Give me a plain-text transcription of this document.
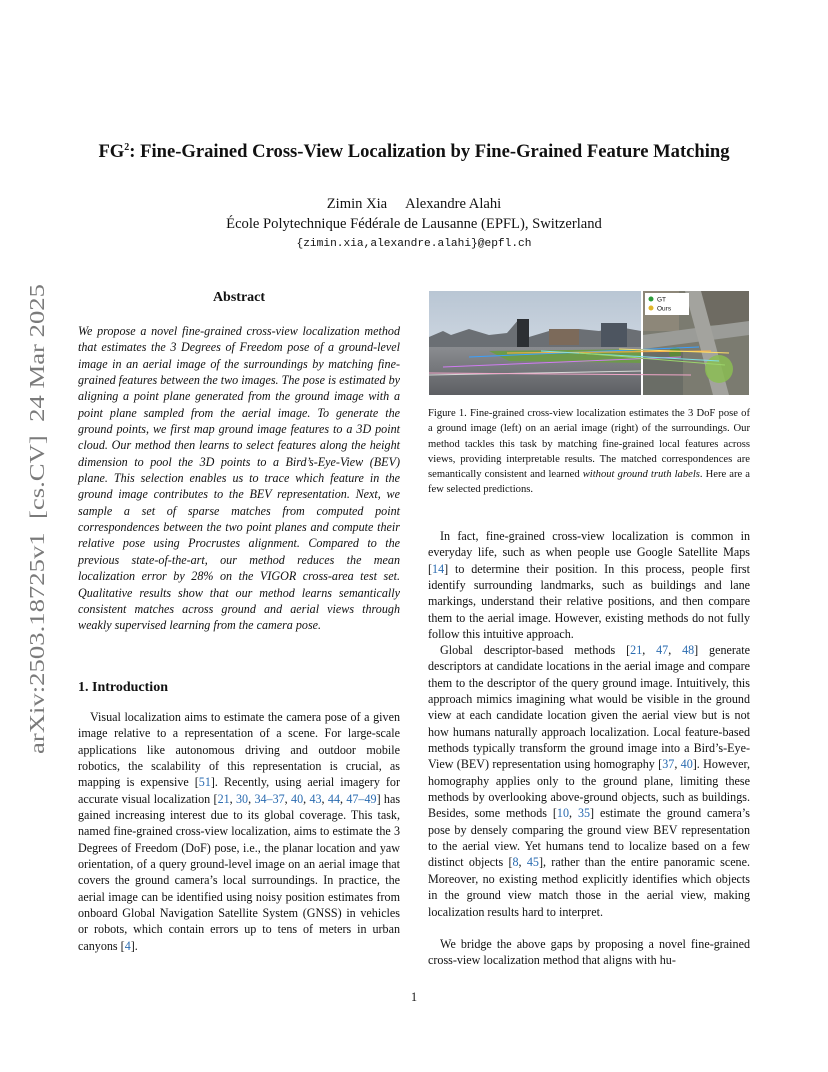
arXiv:2503.18725v1  [cs.CV]  24 Mar 2025
$FG^2$: Fine-Grained Cross-View Localization by Fine-Grained Feature Matching
Zimin Xia Alexandre Alahi
École Polytechnique Fédérale de Lausanne (EPFL), Switzerland
{zimin.xia,alexandre.alahi}@epfl.ch
Abstract
We propose a novel fine-grained cross-view localization method that estimates the 3 Degrees of Freedom pose of a ground-level image in an aerial image of the surroundings by matching fine-grained features between the two images. The pose is estimated by aligning a point plane generated from the ground image with a point plane sampled from the aerial image. To generate the ground points, we first map ground image features to a 3D point cloud. Our method then learns to select features along the height dimension to pool the 3D points to a Bird’s-Eye-View (BEV) plane. This selection enables us to trace which feature in the ground image contributes to the BEV representation. Next, we sample a set of sparse matches from computed point correspondences between the two point planes and compute their relative pose using Procrustes alignment. Compared to the previous state-of-the-art, our method reduces the mean localization error by 28% on the VIGOR cross-area test set. Qualitative results show that our method learns semantically consistent matches across ground and aerial views through weakly supervised learning from the camera pose.
1. Introduction
Visual localization aims to estimate the camera pose of a given image relative to a representation of a scene. For large-scale applications like autonomous driving and outdoor mobile robotics, the scalability of this representation is crucial, as mapping is expensive [51]. Recently, using aerial imagery for accurate visual localization [21, 30, 34–37, 40, 43, 44, 47–49] has gained increasing interest due to its global coverage. This task, named fine-grained cross-view localization, aims to estimate the 3 Degrees of Freedom (DoF) pose, i.e., the planar location and yaw orientation, of a query ground-level image on an aerial image that covers the ground camera’s local surroundings. In practice, the aerial image can be identified using noisy position estimates from onboard Global Navigation Satellite System (GNSS) in vehicles or robots, which contain errors up to tens of meters in urban canyons [4].
GT
Ours
Figure 1. Fine-grained cross-view localization estimates the 3 DoF pose of a ground image (left) on an aerial image (right) of the surroundings. Our method tackles this task by matching fine-grained local features across views, providing interpretable results. The matched correspondences are semantically consistent and learned without ground truth labels. Here are a few selected predictions.
In fact, fine-grained cross-view localization is common in everyday life, such as when people use Google Satellite Maps [14] to determine their position. In this process, people first identify surrounding landmarks, such as buildings and lane markings, understand their relative positions, and then compare them to the aerial image. However, existing methods do not fully follow this intuitive approach.
Global descriptor-based methods [21, 47, 48] generate descriptors at candidate locations in the aerial image and compare them to the descriptor of the query ground image. Intuitively, this approach mimics imagining what would be visible in the ground view at each candidate location given the aerial view but is not how humans naturally approach localization. Local feature-based methods typically transform the ground image into a Bird’s-Eye-View (BEV) representation using homography [37, 40]. However, homography applies only to the ground plane, limiting these methods by overlooking above-ground objects, such as buildings. Besides, some methods [10, 35] estimate the ground camera’s pose by densely comparing the ground view BEV representation to the aerial view. Yet humans tend to localize based on a few distinct objects [8, 45], rather than the entire panoramic scene. Moreover, no existing method explicitly identifies which objects in the ground view match those in the aerial view, making localization results hard to interpret.
We bridge the above gaps by proposing a novel fine-grained cross-view localization method that aligns with hu-
1
